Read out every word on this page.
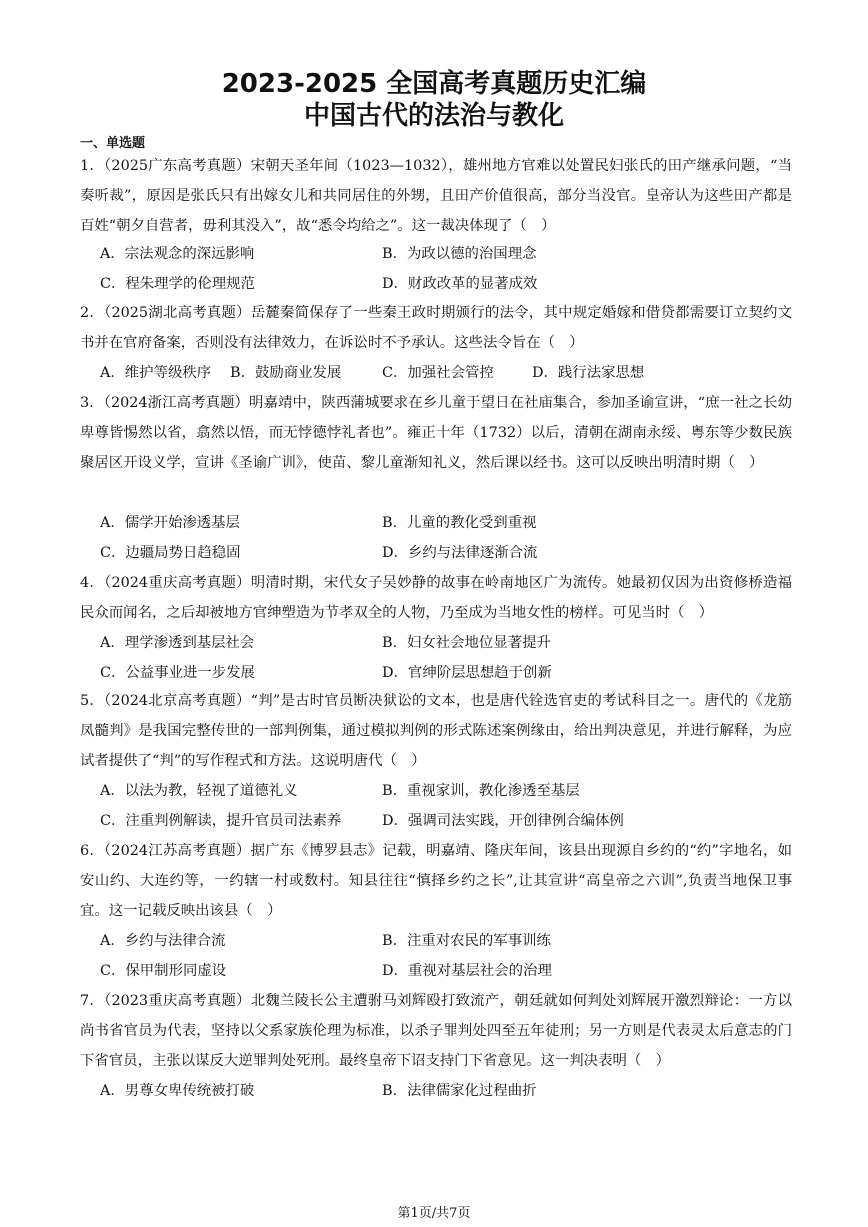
2023-2025 全国高考真题历史汇编
中国古代的法治与教化
一、单选题
1．（2025广东高考真题）宋朝天圣年间（1023—1032），雄州地方官难以处置民妇张氏的田产继承问题，“当奏听裁”，原因是张氏只有出嫁女儿和共同居住的外甥，且田产价值很高，部分当没官。皇帝认为这些田产都是百姓“朝夕自营者，毋利其没入”，故“悉令均给之”。这一裁决体现了（　）
A．宗法观念的深远影响	B．为政以德的治国理念
C．程朱理学的伦理规范	D．财政改革的显著成效
2．（2025湖北高考真题）岳麓秦简保存了一些秦王政时期颁行的法令，其中规定婚嫁和借贷都需要订立契约文书并在官府备案，否则没有法律效力，在诉讼时不予承认。这些法令旨在（　）
A．维护等级秩序 B．鼓励商业发展	C．加强社会管控	D．践行法家思想
3．（2024浙江高考真题）明嘉靖中，陕西蒲城要求在乡儿童于望日在社庙集合，参加圣谕宣讲，“庶一社之长幼卑尊皆惕然以省，翕然以悟，而无悖德悖礼者也”。雍正十年（1732）以后，清朝在湖南永绥、粤东等少数民族聚居区开设义学，宣讲《圣谕广训》，使苗、黎儿童渐知礼义，然后课以经书。这可以反映出明清时期（　）
A．儒学开始渗透基层	B．儿童的教化受到重视
C．边疆局势日趋稳固	D．乡约与法律逐渐合流
4．（2024重庆高考真题）明清时期，宋代女子吴妙静的故事在岭南地区广为流传。她最初仅因为出资修桥造福民众而闻名，之后却被地方官绅塑造为节孝双全的人物，乃至成为当地女性的榜样。可见当时（　）
A．理学渗透到基层社会	B．妇女社会地位显著提升
C．公益事业进一步发展	D．官绅阶层思想趋于创新
5．（2024北京高考真题）“判”是古时官员断决狱讼的文本，也是唐代铨选官吏的考试科目之一。唐代的《龙筋凤髓判》是我国完整传世的一部判例集，通过模拟判例的形式陈述案例缘由，给出判决意见，并进行解释，为应试者提供了“判”的写作程式和方法。这说明唐代（　）
A．以法为教，轻视了道德礼义	B．重视家训，教化渗透至基层
C．注重判例解读，提升官员司法素养	D．强调司法实践，开创律例合编体例
6．（2024江苏高考真题）据广东《博罗县志》记载，明嘉靖、隆庆年间，该县出现源自乡约的“约”字地名，如安山约、大连约等，一约辖一村或数村。知县往往“慎择乡约之长”,让其宣讲“高皇帝之六训”,负责当地保卫事宜。这一记载反映出该县（　）
A．乡约与法律合流	B．注重对农民的军事训练
C．保甲制形同虚设	D．重视对基层社会的治理
7．（2023重庆高考真题）北魏兰陵长公主遭驸马刘辉殴打致流产，朝廷就如何判处刘辉展开激烈辩论：一方以尚书省官员为代表，坚持以父系家族伦理为标准，以杀子罪判处四至五年徒刑；另一方则是代表灵太后意志的门下省官员，主张以谋反大逆罪判处死刑。最终皇帝下诏支持门下省意见。这一判决表明（　）
A．男尊女卑传统被打破	B．法律儒家化过程曲折
第1页/共7页
